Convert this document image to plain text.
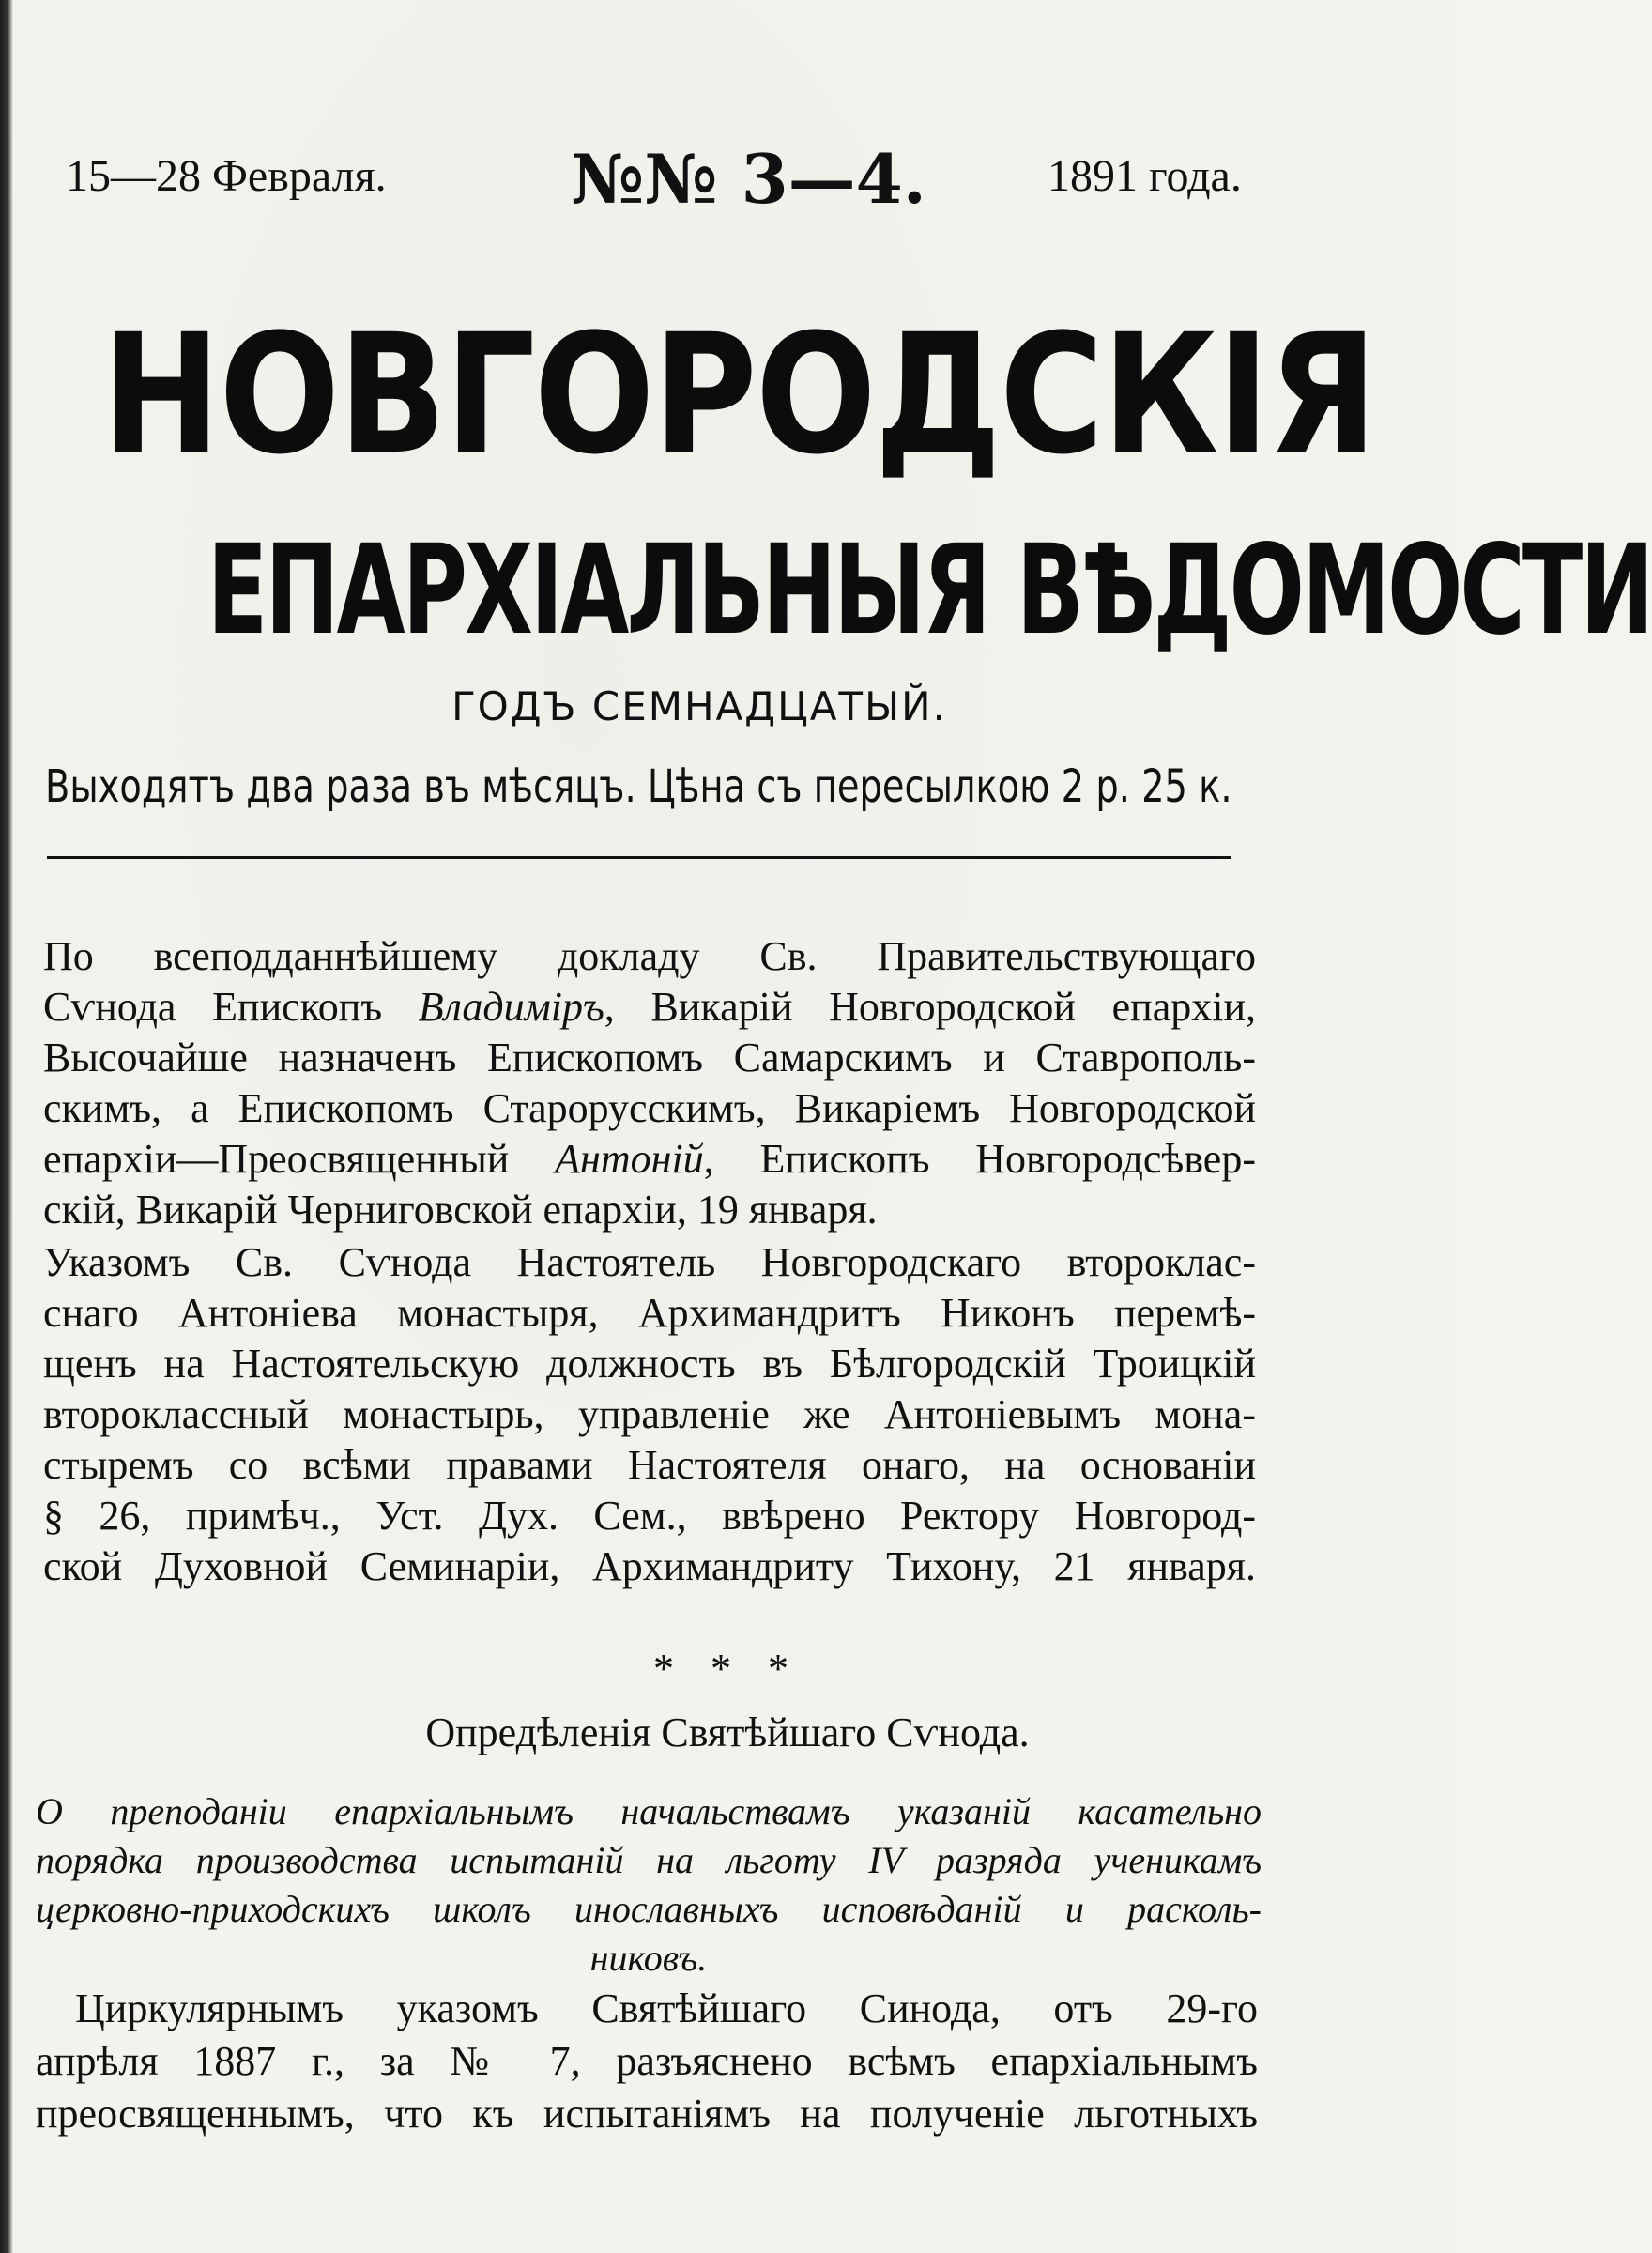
15—28 Февраля.	№№ 3—4.	1891 года.
НОВГОРОДСКІЯ
ЕПАРХІАЛЬНЫЯ ВѢДОМОСТИ
ГОДЪ СЕМНАДЦАТЫЙ.
Выходятъ два раза въ мѣсяцъ. Цѣна съ пересылкою 2 р. 25 к.
По всеподданнѣйшему докладу Св. Правительствующаго
Сѵнода Епископъ Владиміръ, Викарій Новгородской епархіи,
Высочайше назначенъ Епископомъ Самарскимъ и Ставрополь-
скимъ, а Епископомъ Старорусскимъ, Викаріемъ Новгородской
епархіи—Преосвященный Антоній, Епископъ Новгородсѣвер-
скій, Викарій Черниговской епархіи, 19 января.
Указомъ Св. Сѵнода Настоятель Новгородскаго второклас-
снаго Антоніева монастыря, Архимандритъ Никонъ перемѣ-
щенъ на Настоятельскую должность въ Бѣлгородскій Троицкій
второклассный монастырь, управленіе же Антоніевымъ мона-
стыремъ со всѣми правами Настоятеля онаго, на основаніи
§ 26, примѣч., Уст. Дух. Сем., ввѣрено Ректору Новгород-
ской Духовной Семинаріи, Архимандриту Тихону, 21 января.
* * *
Опредѣленія Святѣйшаго Сѵнода.
О преподаніи епархіальнымъ начальствамъ указаній касательно
порядка производства испытаній на льготу IV разряда ученикамъ
церковно-приходскихъ школъ инославныхъ исповѣданій и расколь-
никовъ.
Циркулярнымъ указомъ Святѣйшаго Синода, отъ 29-го
апрѣля 1887 г., за № 7, разъяснено всѣмъ епархіальнымъ
преосвященнымъ, что къ испытаніямъ на полученіе льготныхъ
